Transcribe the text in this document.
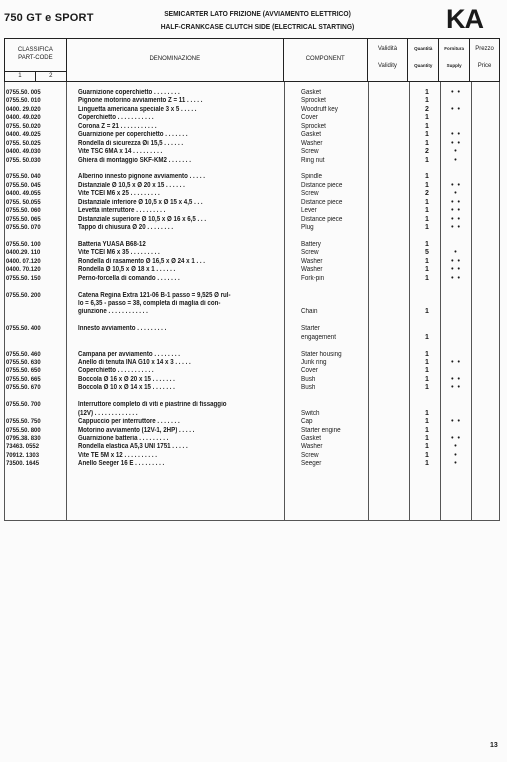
750 GT e SPORT	SEMICARTER LATO FRIZIONE (AVVIAMENTO ELETTRICO)
HALF-CRANKCASE CLUTCH SIDE (ELECTRICAL STARTING)	KA
CLASSIFICA
PART-CODE
1	2
DENOMINAZIONE	COMPONENT
Validità
Validity
Quantità
Quantity
Fornitura
Supply
Prezzo
Price
0755.50. 005	Guarnizione coperchietto . . . . . . . .	Gasket	1	• •
0755.50. 010	Pignone motorino avviamento Z = 11 . . . . .	Sprocket	1
0400. 29.020	Linguetta americana speciale 3 x 5 . . . . .	Woodruff key	2	• •
0400. 49.020	Coperchietto . . . . . . . . . . .	Cover	1
0755. 50.020	Corona Z = 21 . . . . . . . . . . .	Sprocket	1
0400. 49.025	Guarnizione per coperchietto . . . . . . .	Gasket	1	• •
0755. 50.025	Rondella di sicurezza Øi 15,5 . . . . . .	Washer	1	• •
0400. 49.030	Vite TSC 6MA x 14 . . . . . . . . .	Screw	2	•
0755. 50.030	Ghiera di montaggio SKF-KM2 . . . . . . .	Ring nut	1	•
0755.50. 040	Alberino innesto pignone avviamento . . . . .	Spindle	1
0755.50. 045	Distanziale Ø 10,5 x Ø 20 x 15 . . . . . .	Distance piece	1	• •
0400. 49.055	Vite TCEI M6 x 25 . . . . . . . . .	Screw	2	•
0755. 50.055	Distanziale inferiore Ø 10,5 x Ø 15 x 4,5 . . .	Distance piece	1	• •
0755.50. 060	Levetta interruttore . . . . . . . . .	Lever	1	• •
0755.50. 065	Distanziale superiore Ø 10,5 x Ø 16 x 6,5 . . .	Distance piece	1	• •
0755.50. 070	Tappo di chiusura Ø 20 . . . . . . . .	Plug	1	• •
0755.50. 100	Batteria YUASA B68-12	Battery	1
0400.29. 110	Vite TCEI M6 x 35 . . . . . . . . .	Screw	5	•
0400. 07.120	Rondella di rasamento Ø 16,5 x Ø 24 x 1 . . .	Washer	1	• •
0400. 70.120	Rondella Ø 10,5 x Ø 18 x 1 . . . . . .	Washer	1	• •
0755.50. 150	Perno-forcella di comando . . . . . . .	Fork-pin	1	• •
0755.50. 200	Catena Regina Extra 121-06 B-1 passo = 9,525 Ø rul-
lo = 6,35 - passo = 38, completa di maglia di con-
giunzione . . . . . . . . . . . .	Chain	1
0755.50. 400	Innesto avviamento . . . . . . . . .	Starter
engagement	1
0755.50. 460	Campana per avviamento . . . . . . . .	Stater housing	1
0755.50. 630	Anello di tenuta INA G10 x 14 x 3 . . . . .	Junk ring	1	• •
0755.50. 650	Coperchietto . . . . . . . . . . .	Cover	1
0755.50. 665	Boccola Ø 16 x Ø 20 x 15 . . . . . . .	Bush	1	• •
0755.50. 670	Boccola Ø 10 x Ø 14 x 15 . . . . . . .	Bush	1	• •
0755.50. 700	Interruttore completo di viti e piastrine di fissaggio
(12V) . . . . . . . . . . . . .	Switch	1
0755.50. 750	Cappuccio per interruttore . . . . . . .	Cap	1	• •
0755.50. 800	Motorino avviamento (12V-1, 2HP) . . . . .	Starter engine	1
0795.38. 830	Guarnizione batteria . . . . . . . . .	Gasket	1	• •
73463. 0552	Rondella elastica A5,3 UNI 1751 . . . . .	Washer	1	•
70912. 1303	Vite TE 5M x 12 . . . . . . . . . .	Screw	1	•
73500. 1645	Anello Seeger 16 E . . . . . . . . .	Seeger	1	•
13
